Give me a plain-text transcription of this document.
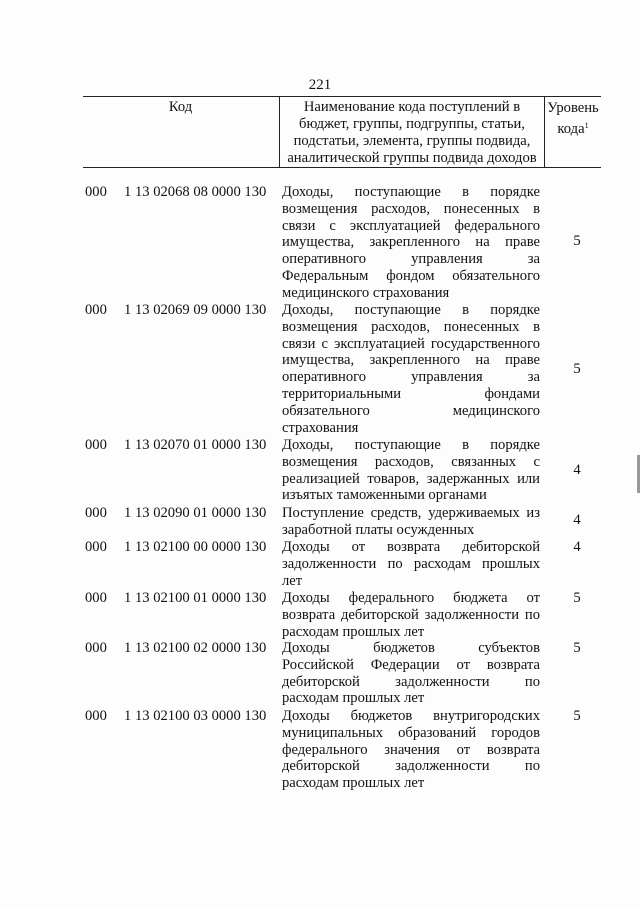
221
Код	Наименование кода поступлений в
бюджет, группы, подгруппы, статьи,
подстатьи, элемента, группы подвида,
аналитической группы подвида доходов
Уровень
кода$^1$
000	1 13 02068 08 0000 130	Доходы, поступающие в порядке
возмещения расходов, понесенных в
связи с эксплуатацией федерального
имущества, закрепленного на праве
оперативного управления за
Федеральным фондом обязательного
медицинского страхования
5
000	1 13 02069 09 0000 130	Доходы, поступающие в порядке
возмещения расходов, понесенных в
связи с эксплуатацией государственного
имущества, закрепленного на праве
оперативного управления за
территориальными фондами
обязательного медицинского
страхования
5
000	1 13 02070 01 0000 130	Доходы, поступающие в порядке
возмещения расходов, связанных с
реализацией товаров, задержанных или
изъятых таможенными органами
4
000	1 13 02090 01 0000 130	Поступление средств, удерживаемых из
заработной платы осужденных
4
000	1 13 02100 00 0000 130	Доходы от возврата дебиторской
задолженности по расходам прошлых
лет
4
000	1 13 02100 01 0000 130	Доходы федерального бюджета от
возврата дебиторской задолженности по
расходам прошлых лет
5
000	1 13 02100 02 0000 130	Доходы бюджетов субъектов
Российской Федерации от возврата
дебиторской задолженности по
расходам прошлых лет
5
000	1 13 02100 03 0000 130	Доходы бюджетов внутригородских
муниципальных образований городов
федерального значения от возврата
дебиторской задолженности по
расходам прошлых лет
5
